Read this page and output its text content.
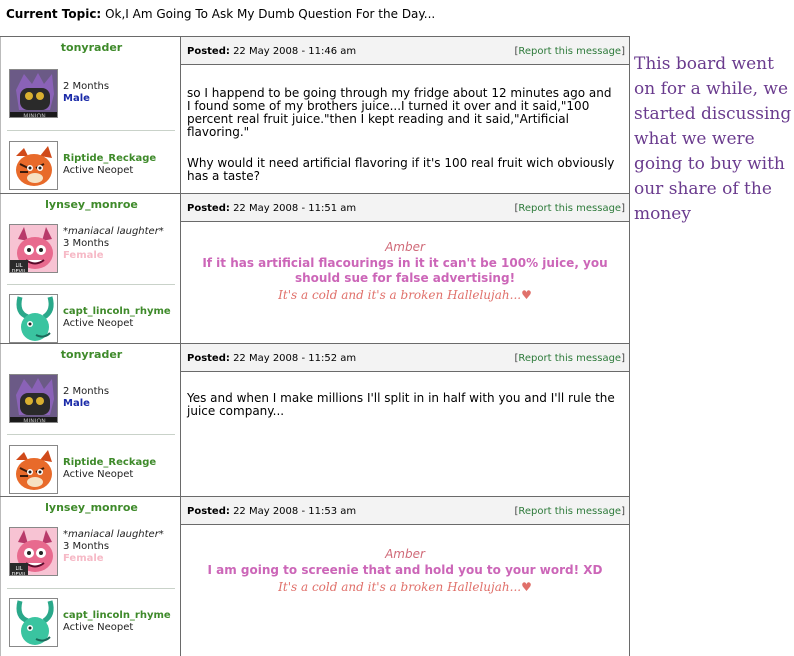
Current Topic: Ok,I Am Going To Ask My Dumb Question For the Day...
tonyrader
MINION
2 Months
Male
Riptide_Reckage
Active Neopet
Posted: 22 May 2008 - 11:46 am	[Report this message]
so I happend to be going through my fridge about 12 minutes ago and I found some of my brothers juice...I turned it over and it said,"100 percent real fruit juice."then I kept reading and it said,"Artificial flavoring."
Why would it need artificial flavoring if it's 100 real fruit wich obviously has a taste?
lynsey_monroe
LIL
DEVIL
*maniacal laughter*
3 Months
Female
capt_lincoln_rhyme
Active Neopet
Posted: 22 May 2008 - 11:51 am	[Report this message]
Amber
If it has artificial flacourings in it it can't be 100% juice, you should sue for false advertising!
It's a cold and it's a broken Hallelujah...♥
tonyrader
MINION
2 Months
Male
Riptide_Reckage
Active Neopet
Posted: 22 May 2008 - 11:52 am	[Report this message]
Yes and when I make millions I'll split in in half with you and I'll rule the juice company...
lynsey_monroe
LIL
DEVIL
*maniacal laughter*
3 Months
Female
capt_lincoln_rhyme
Active Neopet
Posted: 22 May 2008 - 11:53 am	[Report this message]
Amber
I am going to screenie that and hold you to your word! XD
It's a cold and it's a broken Hallelujah...♥
This board went on for a while, we started discussing what we were going to buy with our share of the money
